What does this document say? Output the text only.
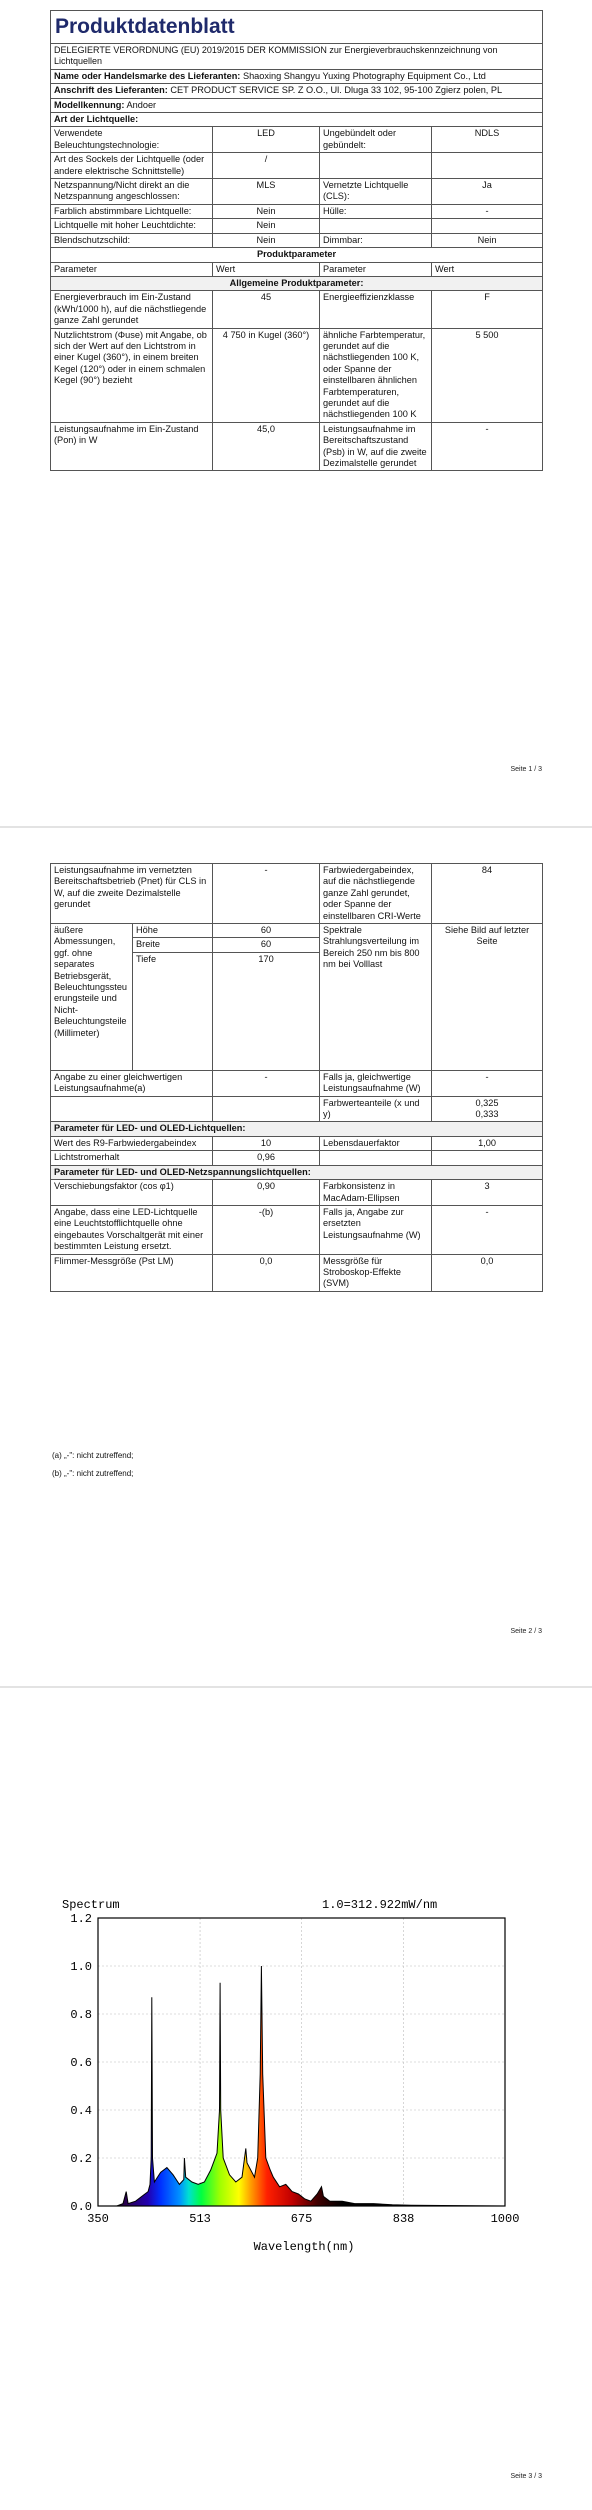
Produktdatenblatt			
DELEGIERTE VERORDNUNG (EU) 2019/2015 DER KOMMISSION zur Energieverbrauchskennzeichnung von Lichtquellen			
Name oder Handelsmarke des Lieferanten: Shaoxing Shangyu Yuxing Photography Equipment Co., Ltd			
Anschrift des Lieferanten: CET PRODUCT SERVICE SP. Z O.O., Ul. Dluga 33 102, 95-100 Zgierz polen, PL			
Modellkennung: Andoer			
Art der Lichtquelle:			
Verwendete Beleuchtungstechnologie:	LED	Ungebündelt oder gebündelt:	NDLS
Art des Sockels der Lichtquelle (oder andere elektrische Schnittstelle)	/		
Netzspannung/Nicht direkt an die Netzspannung angeschlossen:	MLS	Vernetzte Lichtquelle (CLS):	Ja
Farblich abstimmbare Lichtquelle:	Nein	Hülle:	-
Lichtquelle mit hoher Leuchtdichte:	Nein		
Blendschutzschild:	Nein	Dimmbar:	Nein
Produktparameter			
Parameter	Wert	Parameter	Wert
Allgemeine Produktparameter:			
Energieverbrauch im Ein-Zustand (kWh/1000 h), auf die nächstliegende ganze Zahl gerundet	45	Energieeffizienzklasse	F
Nutzlichtstrom (Φuse) mit Angabe, ob sich der Wert auf den Lichtstrom in einer Kugel (360°), in einem breiten Kegel (120°) oder in einem schmalen Kegel (90°) bezieht	4 750 in Kugel (360°)	ähnliche Farbtemperatur, gerundet auf die nächstliegenden 100 K, oder Spanne der einstellbaren ähnlichen Farbtemperaturen, gerundet auf die nächstliegenden 100 K	5 500
Leistungsaufnahme im Ein-Zustand (Pon) in W	45,0	Leistungsaufnahme im Bereitschaftszustand (Psb) in W, auf die zweite Dezimalstelle gerundet	-
Seite 1 / 3
Leistungsaufnahme im vernetzten Bereitschaftsbetrieb (Pnet) für CLS in W, auf die zweite Dezimalstelle gerundet		-	Farbwiedergabeindex, auf die nächstliegende ganze Zahl gerundet, oder Spanne der einstellbaren CRI-Werte	84
äußere Abmessungen, ggf. ohne separates Betriebsgerät, Beleuchtungssteuerungsteile und Nicht-Beleuchtungsteile (Millimeter)	Höhe	60	Spektrale Strahlungsverteilung im Bereich 250 nm bis 800 nm bei Volllast	Siehe Bild auf letzter Seite
	Breite	60		
	Tiefe	170		
Angabe zu einer gleichwertigen Leistungsaufnahme(a)		-	Falls ja, gleichwertige Leistungsaufnahme (W)	-
			Farbwerteanteile (x und y)	0,325
0,333

Parameter für LED- und OLED-Lichtquellen:				
Wert des R9-Farbwiedergabeindex		10	Lebensdauerfaktor	1,00
Lichtstromerhalt		0,96		
Parameter für LED- und OLED-Netzspannungslichtquellen:				
Verschiebungsfaktor (cos φ1)		0,90	Farbkonsistenz in MacAdam-Ellipsen	3
Angabe, dass eine LED-Lichtquelle eine Leuchtstofflichtquelle ohne eingebautes Vorschaltgerät mit einer bestimmten Leistung ersetzt.		-(b)	Falls ja, Angabe zur ersetzten Leistungsaufnahme (W)	-
Flimmer-Messgröße (Pst LM)		0,0	Messgröße für Stroboskop-Effekte (SVM)	0,0
(a) „-": nicht zutreffend;
(b) „-": nicht zutreffend;
Seite 2 / 3
Spectrum	1.0=312.922mW/nm
0.0
0.2
0.4
0.6
0.8
1.0
1.2
350	513	675	838	1000
Wavelength(nm)
Seite 3 / 3
